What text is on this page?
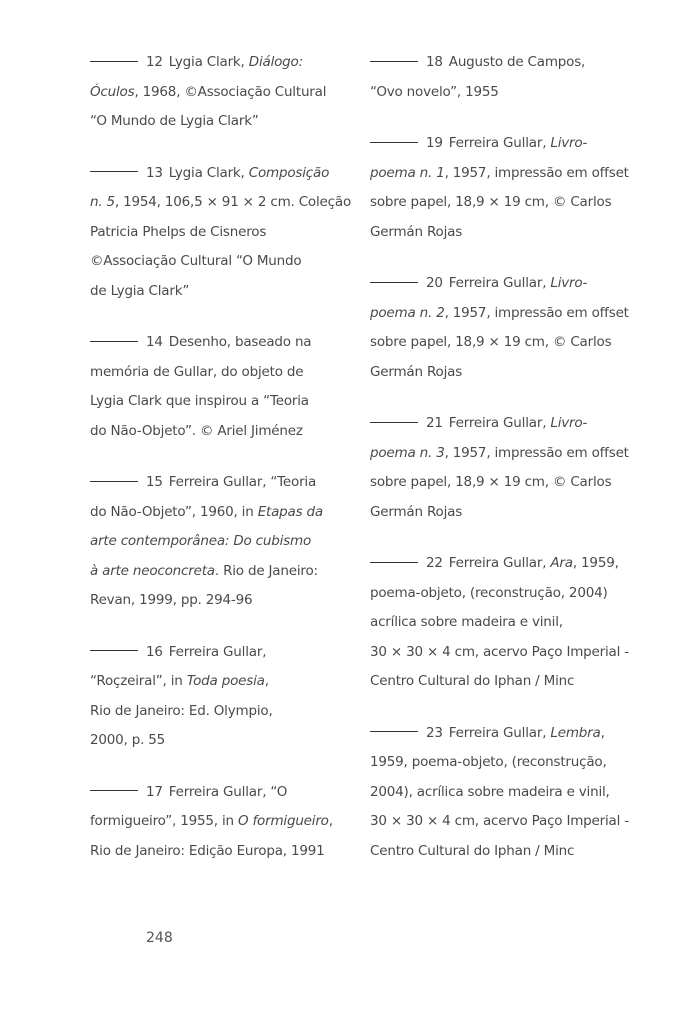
12 Lygia Clark, Diálogo:
Óculos, 1968, ©Associação Cultural
“O Mundo de Lygia Clark”
13 Lygia Clark, Composição
n. 5, 1954, 106,5 × 91 × 2 cm. Coleção
Patricia Phelps de Cisneros
©Associação Cultural “O Mundo
de Lygia Clark”
14 Desenho, baseado na
memória de Gullar, do objeto de
Lygia Clark que inspirou a “Teoria
do Não-Objeto”. © Ariel Jiménez
15 Ferreira Gullar, “Teoria
do Não-Objeto”, 1960, in Etapas da
arte contemporânea: Do cubismo
à arte neoconcreta. Rio de Janeiro:
Revan, 1999, pp. 294-96
16 Ferreira Gullar,
“Roçzeiral”, in Toda poesia,
Rio de Janeiro: Ed. Olympio,
2000, p. 55
17 Ferreira Gullar, “O
formigueiro”, 1955, in O formigueiro,
Rio de Janeiro: Edição Europa, 1991
18 Augusto de Campos,
“Ovo novelo”, 1955
19 Ferreira Gullar, Livro-
poema n. 1, 1957, impressão em offset
sobre papel, 18,9 × 19 cm, © Carlos
Germán Rojas
20 Ferreira Gullar, Livro-
poema n. 2, 1957, impressão em offset
sobre papel, 18,9 × 19 cm, © Carlos
Germán Rojas
21 Ferreira Gullar, Livro-
poema n. 3, 1957, impressão em offset
sobre papel, 18,9 × 19 cm, © Carlos
Germán Rojas
22 Ferreira Gullar, Ara, 1959,
poema-objeto, (reconstrução, 2004)
acrílica sobre madeira e vinil,
30 × 30 × 4 cm, acervo Paço Imperial -
Centro Cultural do Iphan / Minc
23 Ferreira Gullar, Lembra,
1959, poema-objeto, (reconstrução,
2004), acrílica sobre madeira e vinil,
30 × 30 × 4 cm, acervo Paço Imperial -
Centro Cultural do Iphan / Minc
248
